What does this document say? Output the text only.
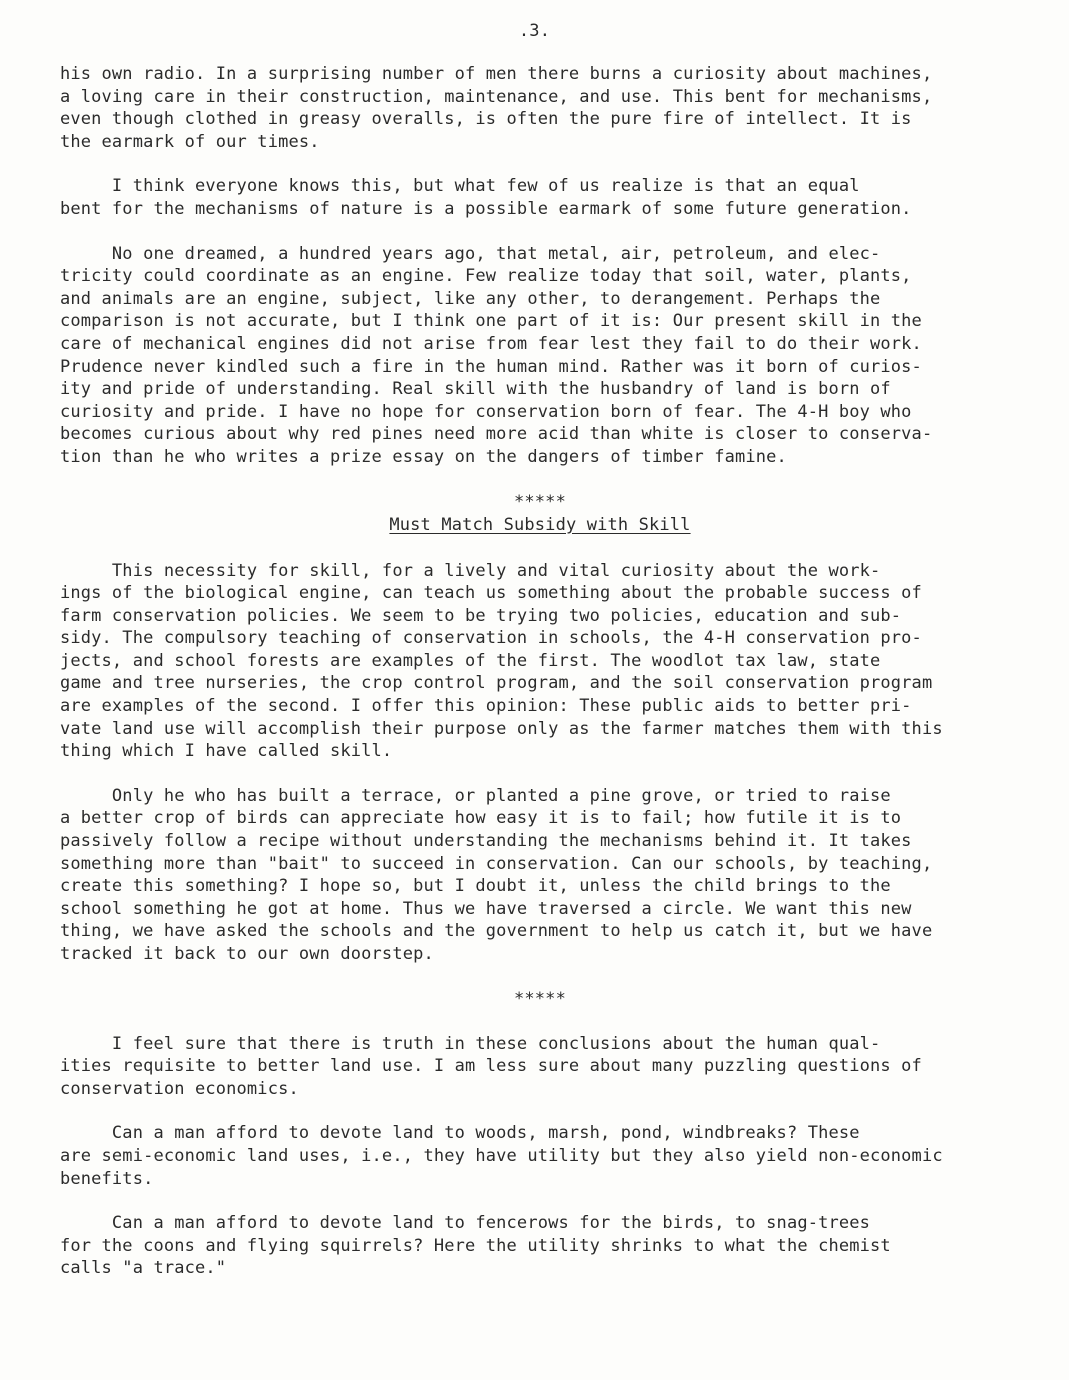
.3.
his own radio. In a surprising number of men there burns a curiosity about machines,
a loving care in their construction, maintenance, and use. This bent for mechanisms,
even though clothed in greasy overalls, is often the pure fire of intellect. It is
the earmark of our times.
I think everyone knows this, but what few of us realize is that an equal
bent for the mechanisms of nature is a possible earmark of some future generation.
No one dreamed, a hundred years ago, that metal, air, petroleum, and elec-
tricity could coordinate as an engine. Few realize today that soil, water, plants,
and animals are an engine, subject, like any other, to derangement. Perhaps the
comparison is not accurate, but I think one part of it is: Our present skill in the
care of mechanical engines did not arise from fear lest they fail to do their work.
Prudence never kindled such a fire in the human mind. Rather was it born of curios-
ity and pride of understanding. Real skill with the husbandry of land is born of
curiosity and pride. I have no hope for conservation born of fear. The 4-H boy who
becomes curious about why red pines need more acid than white is closer to conserva-
tion than he who writes a prize essay on the dangers of timber famine.
*****
Must Match Subsidy with Skill
This necessity for skill, for a lively and vital curiosity about the work-
ings of the biological engine, can teach us something about the probable success of
farm conservation policies. We seem to be trying two policies, education and sub-
sidy. The compulsory teaching of conservation in schools, the 4-H conservation pro-
jects, and school forests are examples of the first. The woodlot tax law, state
game and tree nurseries, the crop control program, and the soil conservation program
are examples of the second. I offer this opinion: These public aids to better pri-
vate land use will accomplish their purpose only as the farmer matches them with this
thing which I have called skill.
Only he who has built a terrace, or planted a pine grove, or tried to raise
a better crop of birds can appreciate how easy it is to fail; how futile it is to
passively follow a recipe without understanding the mechanisms behind it. It takes
something more than "bait" to succeed in conservation. Can our schools, by teaching,
create this something? I hope so, but I doubt it, unless the child brings to the
school something he got at home. Thus we have traversed a circle. We want this new
thing, we have asked the schools and the government to help us catch it, but we have
tracked it back to our own doorstep.
*****
I feel sure that there is truth in these conclusions about the human qual-
ities requisite to better land use. I am less sure about many puzzling questions of
conservation economics.
Can a man afford to devote land to woods, marsh, pond, windbreaks? These
are semi-economic land uses, i.e., they have utility but they also yield non-economic
benefits.
Can a man afford to devote land to fencerows for the birds, to snag-trees
for the coons and flying squirrels? Here the utility shrinks to what the chemist
calls "a trace."
